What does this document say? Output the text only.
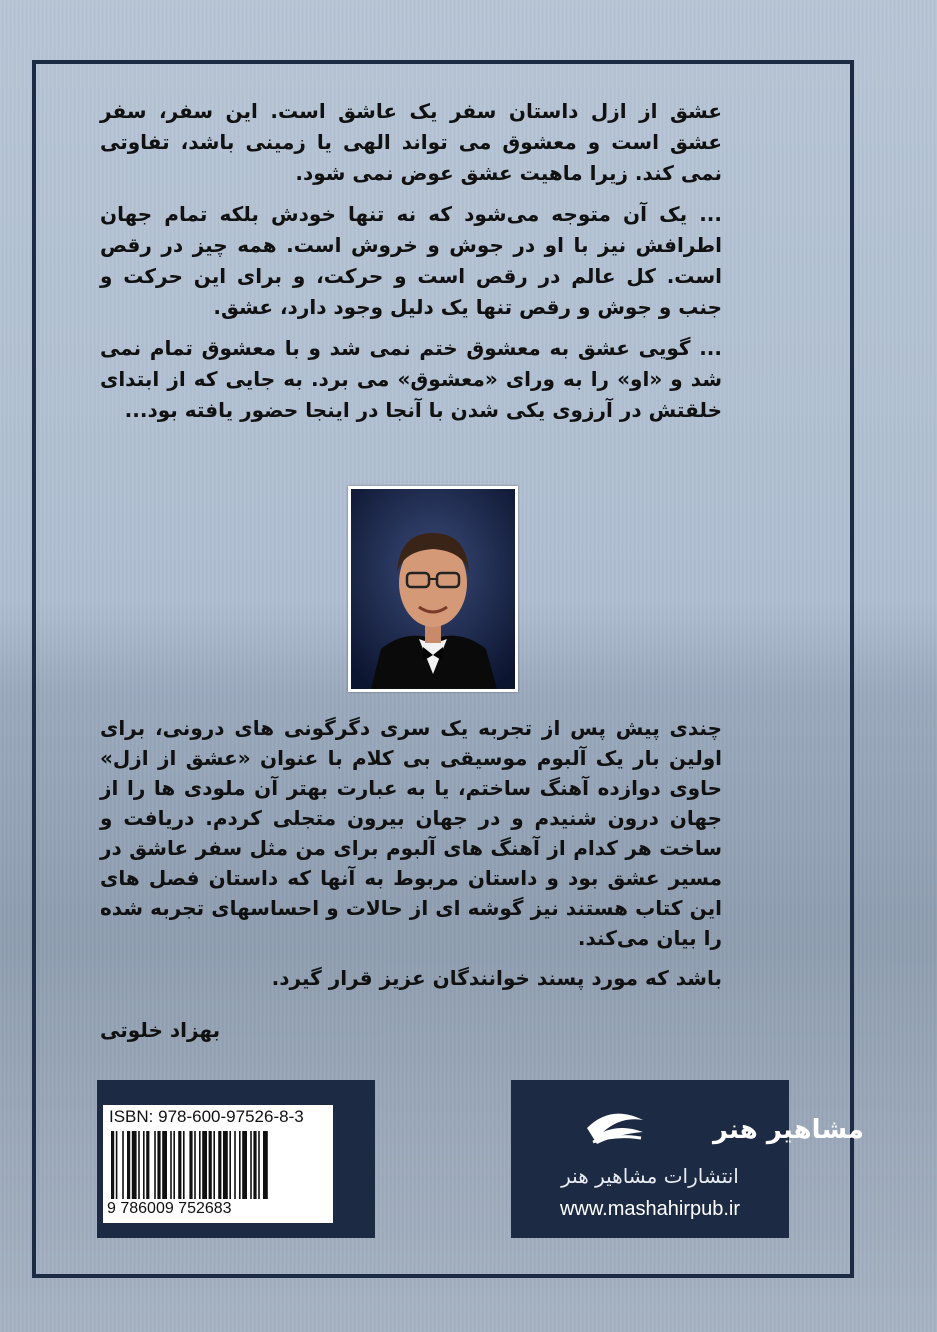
عشق از ازل داستان سفر یک عاشق است. این سفر، سفر عشق است و معشوق می تواند الهی یا زمینی باشد، تفاوتی نمی کند. زیرا ماهیت عشق عوض نمی شود.

... یک آن متوجه می‌شود که نه تنها خودش بلکه تمام جهان اطرافش نیز با او در جوش و خروش است. همه چیز در رقص است. کل عالم در رقص است و حرکت، و برای این حرکت و جنب و جوش و رقص تنها یک دلیل وجود دارد، عشق.

... گویی عشق به معشوق ختم نمی شد و با معشوق تمام نمی شد و «او» را به ورای «معشوق» می برد. به جایی که از ابتدای خلقتش در آرزوی یکی شدن با آنجا در اینجا حضور یافته بود...

چندی پیش پس از تجربه یک سری دگرگونی های درونی، برای اولین بار یک آلبوم موسیقی بی کلام با عنوان «عشق از ازل» حاوی دوازده آهنگ ساختم، یا به عبارت بهتر آن ملودی ها را از جهان درون شنیدم و در جهان بیرون متجلی کردم. دریافت و ساخت هر کدام از آهنگ های آلبوم برای من مثل سفر عاشق در مسیر عشق بود و داستان مربوط به آنها که داستان فصل های این کتاب هستند نیز گوشه ای از حالات و احساسهای تجربه شده را بیان می‌کند.

باشد که مورد پسند خوانندگان عزیز قرار گیرد.

بهزاد خلوتی
ISBN: 978-600-97526-8-3
9 786009 752683
مشاهیر هنر
انتشارات مشاهیر هنر
www.mashahirpub.ir
